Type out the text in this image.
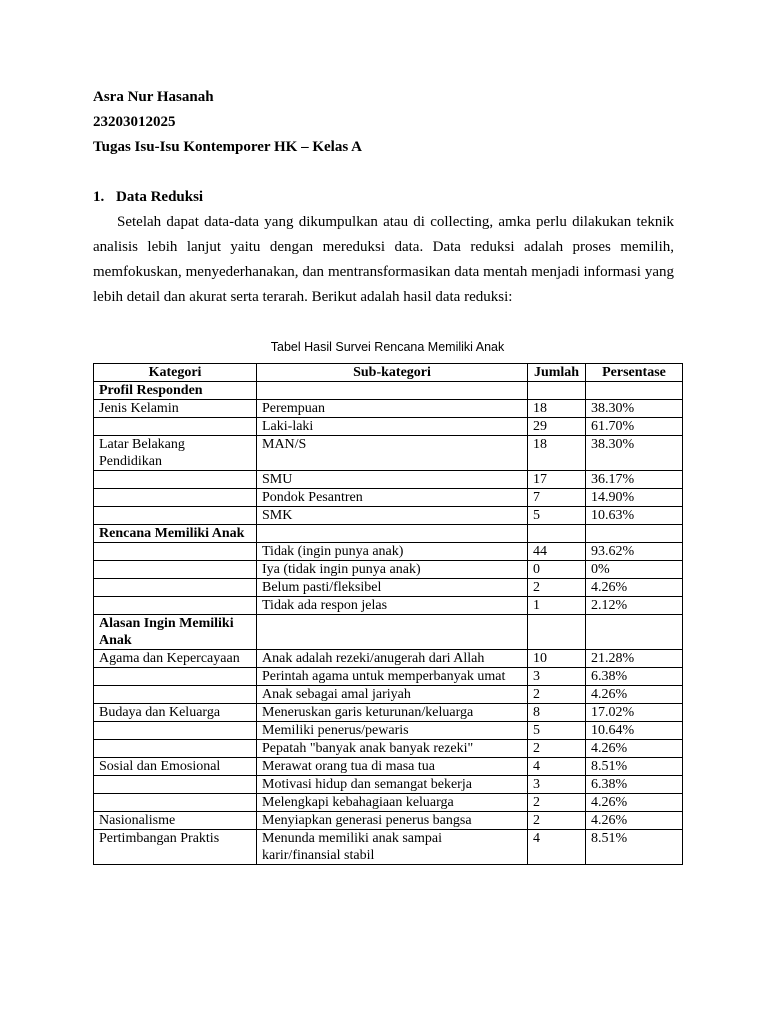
Asra Nur Hasanah
23203012025
Tugas Isu-Isu Kontemporer HK – Kelas A
1. Data Reduksi

Setelah dapat data-data yang dikumpulkan atau di collecting, amka perlu dilakukan teknik analisis lebih lanjut yaitu dengan mereduksi data. Data reduksi adalah proses memilih, memfokuskan, menyederhanakan, dan mentransformasikan data mentah menjadi informasi yang lebih detail dan akurat serta terarah. Berikut adalah hasil data reduksi:

Tabel Hasil Survei Rencana Memiliki Anak
Kategori	Sub-kategori	Jumlah	Persentase
Profil Responden			
Jenis Kelamin	Perempuan	18	38.30%
	Laki-laki	29	61.70%
Latar Belakang Pendidikan	MAN/S	18	38.30%
	SMU	17	36.17%
	Pondok Pesantren	7	14.90%
	SMK	5	10.63%
Rencana Memiliki Anak			
	Tidak (ingin punya anak)	44	93.62%
	Iya (tidak ingin punya anak)	0	0%
	Belum pasti/fleksibel	2	4.26%
	Tidak ada respon jelas	1	2.12%
Alasan Ingin Memiliki Anak			
Agama dan Kepercayaan	Anak adalah rezeki/anugerah dari Allah	10	21.28%
	Perintah agama untuk memperbanyak umat	3	6.38%
	Anak sebagai amal jariyah	2	4.26%
Budaya dan Keluarga	Meneruskan garis keturunan/keluarga	8	17.02%
	Memiliki penerus/pewaris	5	10.64%
	Pepatah "banyak anak banyak rezeki"	2	4.26%
Sosial dan Emosional	Merawat orang tua di masa tua	4	8.51%
	Motivasi hidup dan semangat bekerja	3	6.38%
	Melengkapi kebahagiaan keluarga	2	4.26%
Nasionalisme	Menyiapkan generasi penerus bangsa	2	4.26%
Pertimbangan Praktis	Menunda memiliki anak sampai karir/finansial stabil	4	8.51%
